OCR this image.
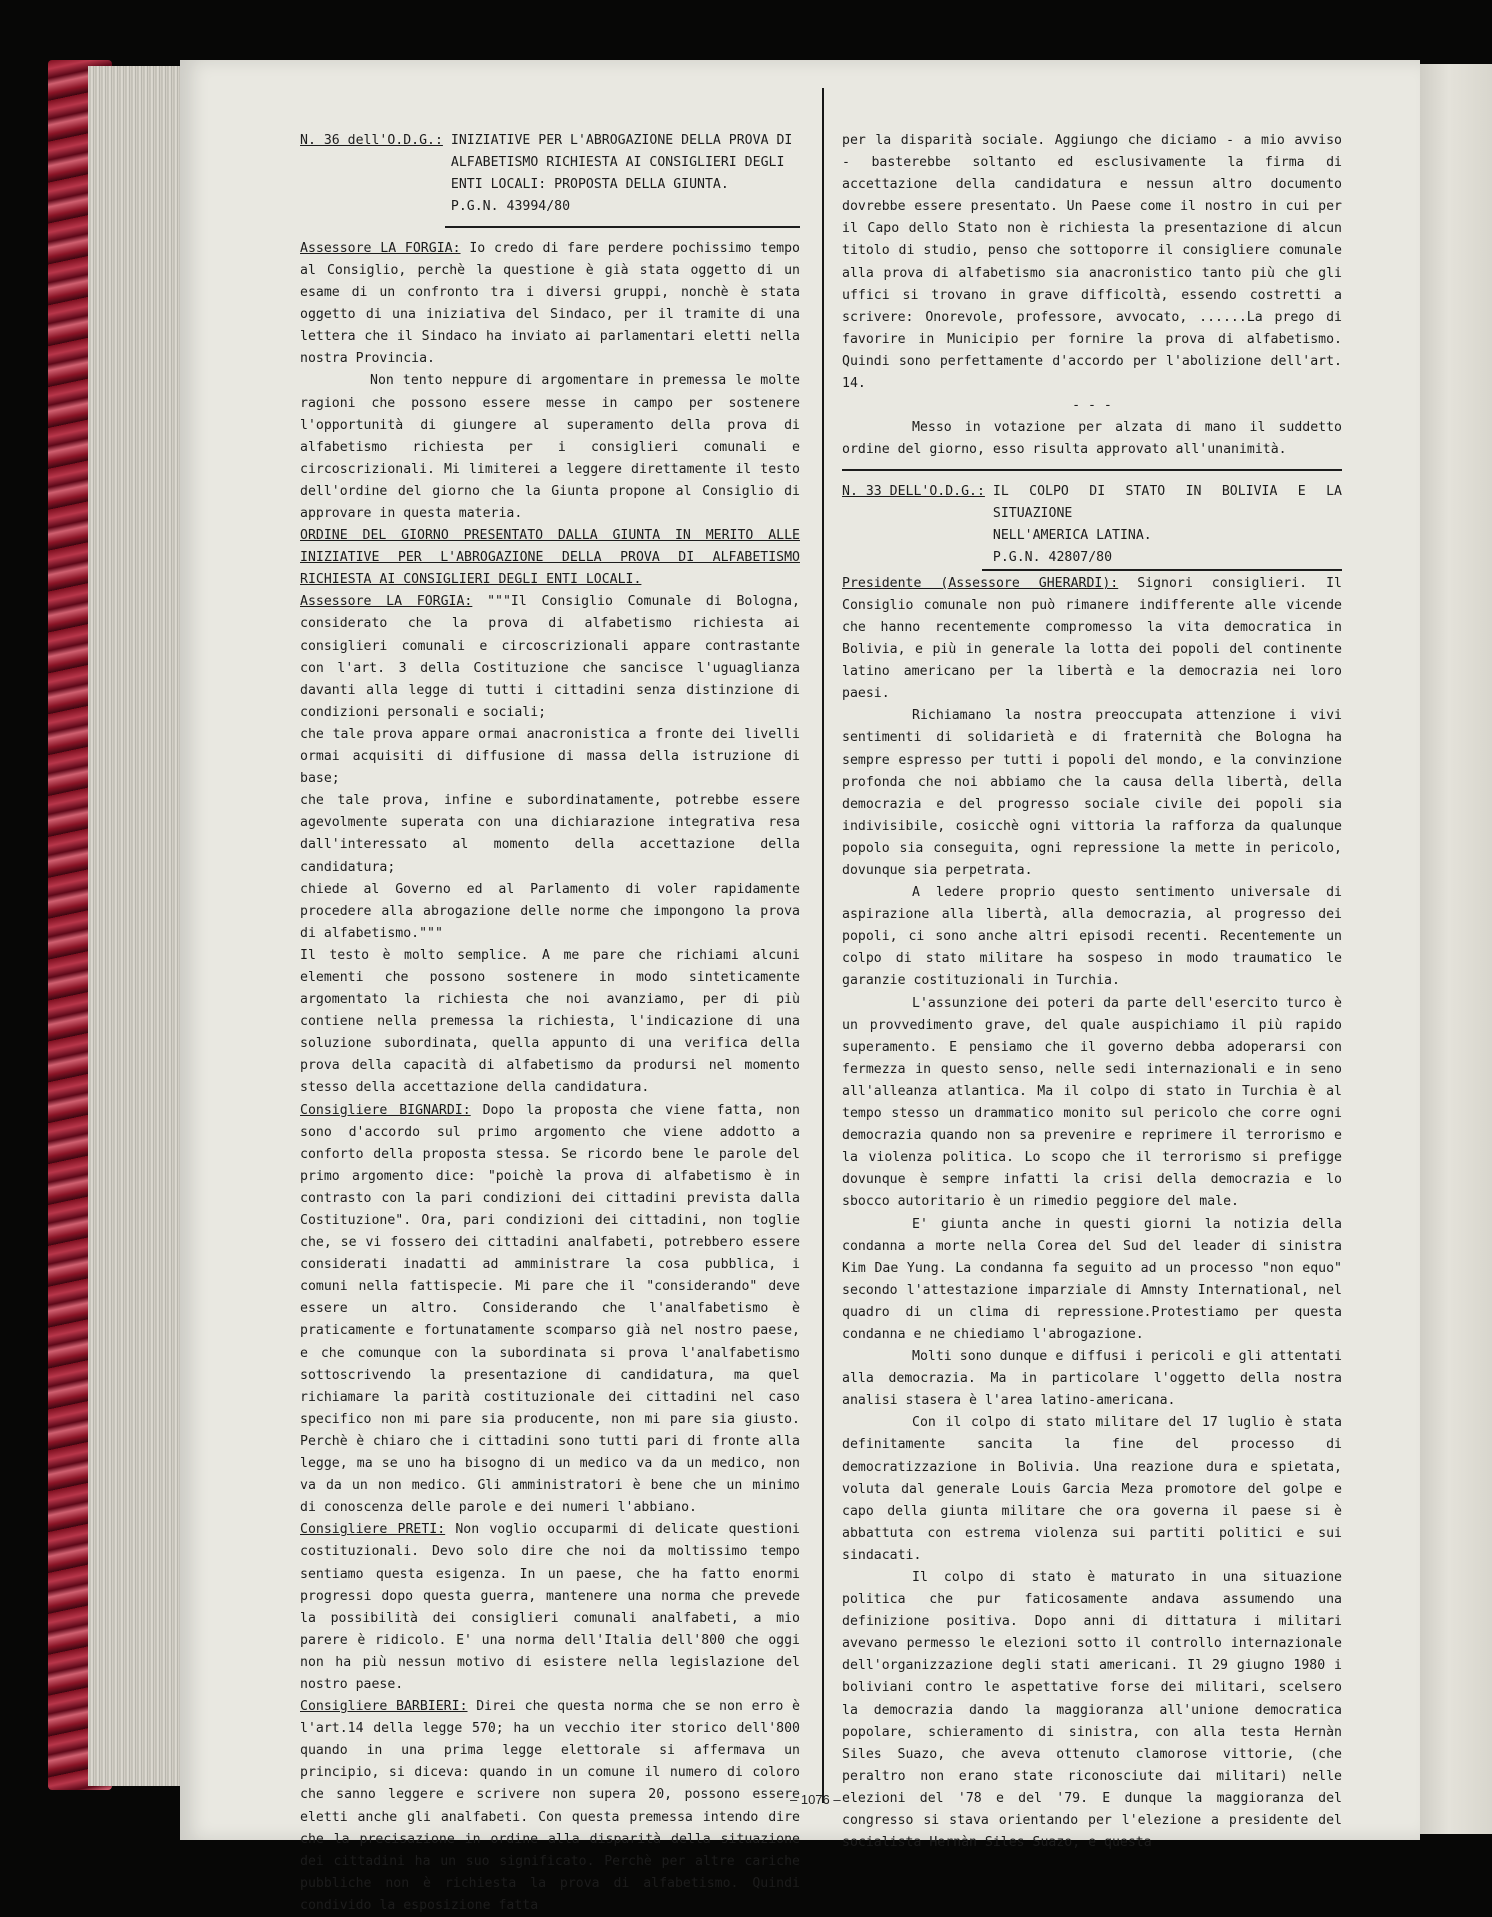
N. 36 dell'O.D.G.: INIZIATIVE PER L'ABROGAZIONE DELLA PROVA DI
ALFABETISMO RICHIESTA AI CONSIGLIERI DEGLI
ENTI LOCALI: PROPOSTA DELLA GIUNTA.
P.G.N. 43994/80

Assessore LA FORGIA: Io credo di fare perdere pochissimo tempo al Consiglio, perchè la questione è già stata oggetto di un esame di un confronto tra i diversi gruppi, nonchè è stata oggetto di una iniziativa del Sindaco, per il tramite di una lettera che il Sindaco ha inviato ai parlamentari eletti nella nostra Provincia.

Non tento neppure di argomentare in premessa le molte ragioni che possono essere messe in campo per sostenere l'opportunità di giungere al superamento della prova di alfabetismo richiesta per i consiglieri comunali e circoscrizionali. Mi limiterei a leggere direttamente il testo dell'ordine del giorno che la Giunta propone al Consiglio di approvare in questa materia.

ORDINE DEL GIORNO PRESENTATO DALLA GIUNTA IN MERITO ALLE INIZIATIVE PER L'ABROGAZIONE DELLA PROVA DI ALFABETISMO RICHIESTA AI CONSIGLIERI DEGLI ENTI LOCALI.

Assessore LA FORGIA: """Il Consiglio Comunale di Bologna, considerato che la prova di alfabetismo richiesta ai consiglieri comunali e circoscrizionali appare contrastante con l'art. 3 della Costituzione che sancisce l'uguaglianza davanti alla legge di tutti i cittadini senza distinzione di condizioni personali e sociali;

che tale prova appare ormai anacronistica a fronte dei livelli ormai acquisiti di diffusione di massa della istruzione di base;

che tale prova, infine e subordinatamente, potrebbe essere agevolmente superata con una dichiarazione integrativa resa dall'interessato al momento della accettazione della candidatura;

chiede al Governo ed al Parlamento di voler rapidamente procedere alla abrogazione delle norme che impongono la prova di alfabetismo."""

Il testo è molto semplice. A me pare che richiami alcuni elementi che possono sostenere in modo sinteticamente argomentato la richiesta che noi avanziamo, per di più contiene nella premessa la richiesta, l'indicazione di una soluzione subordinata, quella appunto di una verifica della prova della capacità di alfabetismo da prodursi nel momento stesso della accettazione della candidatura.

Consigliere BIGNARDI: Dopo la proposta che viene fatta, non sono d'accordo sul primo argomento che viene addotto a conforto della proposta stessa. Se ricordo bene le parole del primo argomento dice: "poichè la prova di alfabetismo è in contrasto con la pari condizioni dei cittadini prevista dalla Costituzione". Ora, pari condizioni dei cittadini, non toglie che, se vi fossero dei cittadini analfabeti, potrebbero essere considerati inadatti ad amministrare la cosa pubblica, i comuni nella fattispecie. Mi pare che il "considerando" deve essere un altro. Considerando che l'analfabetismo è praticamente e fortunatamente scomparso già nel nostro paese, e che comunque con la subordinata si prova l'analfabetismo sottoscrivendo la presentazione di candidatura, ma quel richiamare la parità costituzionale dei cittadini nel caso specifico non mi pare sia producente, non mi pare sia giusto. Perchè è chiaro che i cittadini sono tutti pari di fronte alla legge, ma se uno ha bisogno di un medico va da un medico, non va da un non medico. Gli amministratori è bene che un minimo di conoscenza delle parole e dei numeri l'abbiano.

Consigliere PRETI: Non voglio occuparmi di delicate questioni costituzionali. Devo solo dire che noi da moltissimo tempo sentiamo questa esigenza. In un paese, che ha fatto enormi progressi dopo questa guerra, mantenere una norma che prevede la possibilità dei consiglieri comunali analfabeti, a mio parere è ridicolo. E' una norma dell'Italia dell'800 che oggi non ha più nessun motivo di esistere nella legislazione del nostro paese.

Consigliere BARBIERI: Direi che questa norma che se non erro è l'art.14 della legge 570; ha un vecchio iter storico dell'800 quando in una prima legge elettorale si affermava un principio, si diceva: quando in un comune il numero di coloro che sanno leggere e scrivere non supera 20, possono essere eletti anche gli analfabeti. Con questa premessa intendo dire che la precisazione in ordine alla disparità della situazione dei cittadini ha un suo significato. Perchè per altre cariche pubbliche non è richiesta la prova di alfabetismo. Quindi condivido la esposizione fatta

per la disparità sociale. Aggiungo che diciamo - a mio avviso - basterebbe soltanto ed esclusivamente la firma di accettazione della candidatura e nessun altro documento dovrebbe essere presentato. Un Paese come il nostro in cui per il Capo dello Stato non è richiesta la presentazione di alcun titolo di studio, penso che sottoporre il consigliere comunale alla prova di alfabetismo sia anacronistico tanto più che gli uffici si trovano in grave difficoltà, essendo costretti a scrivere: Onorevole, professore, avvocato, ......La prego di favorire in Municipio per fornire la prova di alfabetismo. Quindi sono perfettamente d'accordo per l'abolizione dell'art. 14.

- - -

Messo in votazione per alzata di mano il suddetto ordine del giorno, esso risulta approvato all'unanimità.

N. 33 DELL'O.D.G.: IL COLPO DI STATO IN BOLIVIA E LA SITUAZIONE
NELL'AMERICA LATINA.
P.G.N. 42807/80

Presidente (Assessore GHERARDI): Signori consiglieri. Il Consiglio comunale non può rimanere indifferente alle vicende che hanno recentemente compromesso la vita democratica in Bolivia, e più in generale la lotta dei popoli del continente latino americano per la libertà e la democrazia nei loro paesi.

Richiamano la nostra preoccupata attenzione i vivi sentimenti di solidarietà e di fraternità che Bologna ha sempre espresso per tutti i popoli del mondo, e la convinzione profonda che noi abbiamo che la causa della libertà, della democrazia e del progresso sociale civile dei popoli sia indivisibile, cosicchè ogni vittoria la rafforza da qualunque popolo sia conseguita, ogni repressione la mette in pericolo, dovunque sia perpetrata.

A ledere proprio questo sentimento universale di aspirazione alla libertà, alla democrazia, al progresso dei popoli, ci sono anche altri episodi recenti. Recentemente un colpo di stato militare ha sospeso in modo traumatico le garanzie costituzionali in Turchia.

L'assunzione dei poteri da parte dell'esercito turco è un provvedimento grave, del quale auspichiamo il più rapido superamento. E pensiamo che il governo debba adoperarsi con fermezza in questo senso, nelle sedi internazionali e in seno all'alleanza atlantica. Ma il colpo di stato in Turchia è al tempo stesso un drammatico monito sul pericolo che corre ogni democrazia quando non sa prevenire e reprimere il terrorismo e la violenza politica. Lo scopo che il terrorismo si prefigge dovunque è sempre infatti la crisi della democrazia e lo sbocco autoritario è un rimedio peggiore del male.

E' giunta anche in questi giorni la notizia della condanna a morte nella Corea del Sud del leader di sinistra Kim Dae Yung. La condanna fa seguito ad un processo "non equo" secondo l'attestazione imparziale di Amnsty International, nel quadro di un clima di repressione.Protestiamo per questa condanna e ne chiediamo l'abrogazione.

Molti sono dunque e diffusi i pericoli e gli attentati alla democrazia. Ma in particolare l'oggetto della nostra analisi stasera è l'area latino-americana.

Con il colpo di stato militare del 17 luglio è stata definitamente sancita la fine del processo di democratizzazione in Bolivia. Una reazione dura e spietata, voluta dal generale Louis Garcia Meza promotore del golpe e capo della giunta militare che ora governa il paese si è abbattuta con estrema violenza sui partiti politici e sui sindacati.

Il colpo di stato è maturato in una situazione politica che pur faticosamente andava assumendo una definizione positiva. Dopo anni di dittatura i militari avevano permesso le elezioni sotto il controllo internazionale dell'organizzazione degli stati americani. Il 29 giugno 1980 i boliviani contro le aspettative forse dei militari, scelsero la democrazia dando la maggioranza all'unione democratica popolare, schieramento di sinistra, con alla testa Hernàn Siles Suazo, che aveva ottenuto clamorose vittorie, (che peraltro non erano state riconosciute dai militari) nelle elezioni del '78 e del '79. E dunque la maggioranza del congresso si stava orientando per l'elezione a presidente del socialista Hernàn Siles Suazo, e questa

– 1076 –
